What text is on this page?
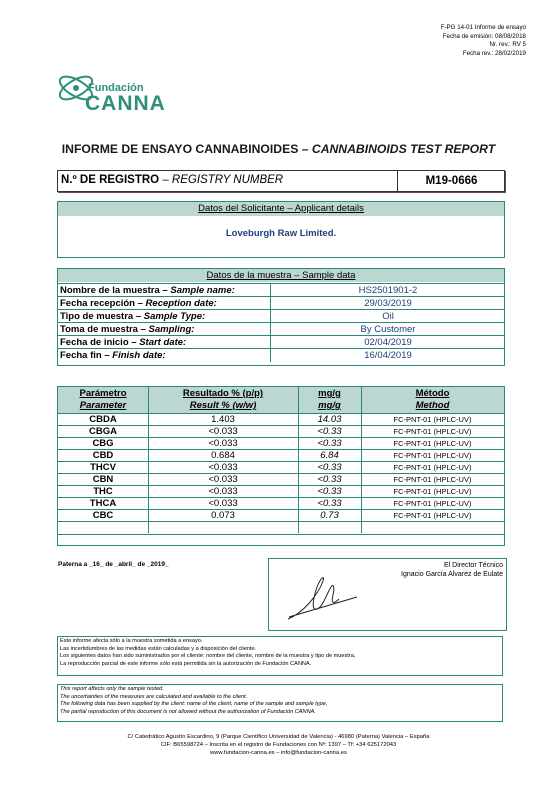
F-PG 14-01 Informe de ensayo
Fecha de emisión: 08/08/2018
Nr. rev.: RV 5
Fecha rev.: 28/02/2019
Fundación
CANNA
INFORME DE ENSAYO CANNABINOIDES – CANNABINOIDS TEST REPORT
N.º DE REGISTRO – REGISTRY NUMBER	M19-0666
Datos del Solicitante – Applicant details
Loveburgh Raw Limited.
Datos de la muestra – Sample data
Nombre de la muestra – Sample name:	HS2501901-2
Fecha recepción – Reception date:	29/03/2019
Tipo de muestra – Sample Type:	Oil
Toma de muestra – Sampling:	By Customer
Fecha de inicio – Start date:	02/04/2019
Fecha fin – Finish date:	16/04/2019
Parámetro	Resultado % (p/p)	mg/g	Método
Parameter	Result % (w/w)	mg/g	Method
CBDA	1.403	14.03	FC-PNT-01 (HPLC-UV)
CBGA	<0.033	<0.33	FC-PNT-01 (HPLC-UV)
CBG	<0.033	<0.33	FC-PNT-01 (HPLC-UV)
CBD	0.684	6.84	FC-PNT-01 (HPLC-UV)
THCV	<0.033	<0.33	FC-PNT-01 (HPLC-UV)
CBN	<0.033	<0.33	FC-PNT-01 (HPLC-UV)
THC	<0.033	<0.33	FC-PNT-01 (HPLC-UV)
THCA	<0.033	<0.33	FC-PNT-01 (HPLC-UV)
CBC	0.073	0.73	FC-PNT-01 (HPLC-UV)
Paterna a _16_ de _abril_ de _2019_	El Director Técnico
Ignacio García Alvarez de Eulate
Este informe afecta sólo a la muestra sometida a ensayo.
Las incertidumbres de las medidas están calculadas y a disposición del cliente.
Los siguientes datos han sido suministrados por el cliente: nombre del cliente, nombre de la muestra y tipo de muestra,
La reproducción parcial de este informe sólo está permitida sin la autorización de Fundación CANNA.
This report affects only the sample tested.
The uncertainties of the measures are calculated and available to the client.
The following data has been supplied by the client: name of the client, name of the sample and sample type,
The partial reproduction of this document is not allowed without the authorization of Fundación CANNA.
C/ Catedrático Agustín Escardino, 9 (Parque Científico Universidad de Valencia) - 46980 (Paterna) Valencia – España
CIF: B65598724 – Inscrita en el registro de Fundaciones con Nº: 1397 – Tf: +34 625172043
www.fundacion-canna.es – info@fundacion-canna.es
